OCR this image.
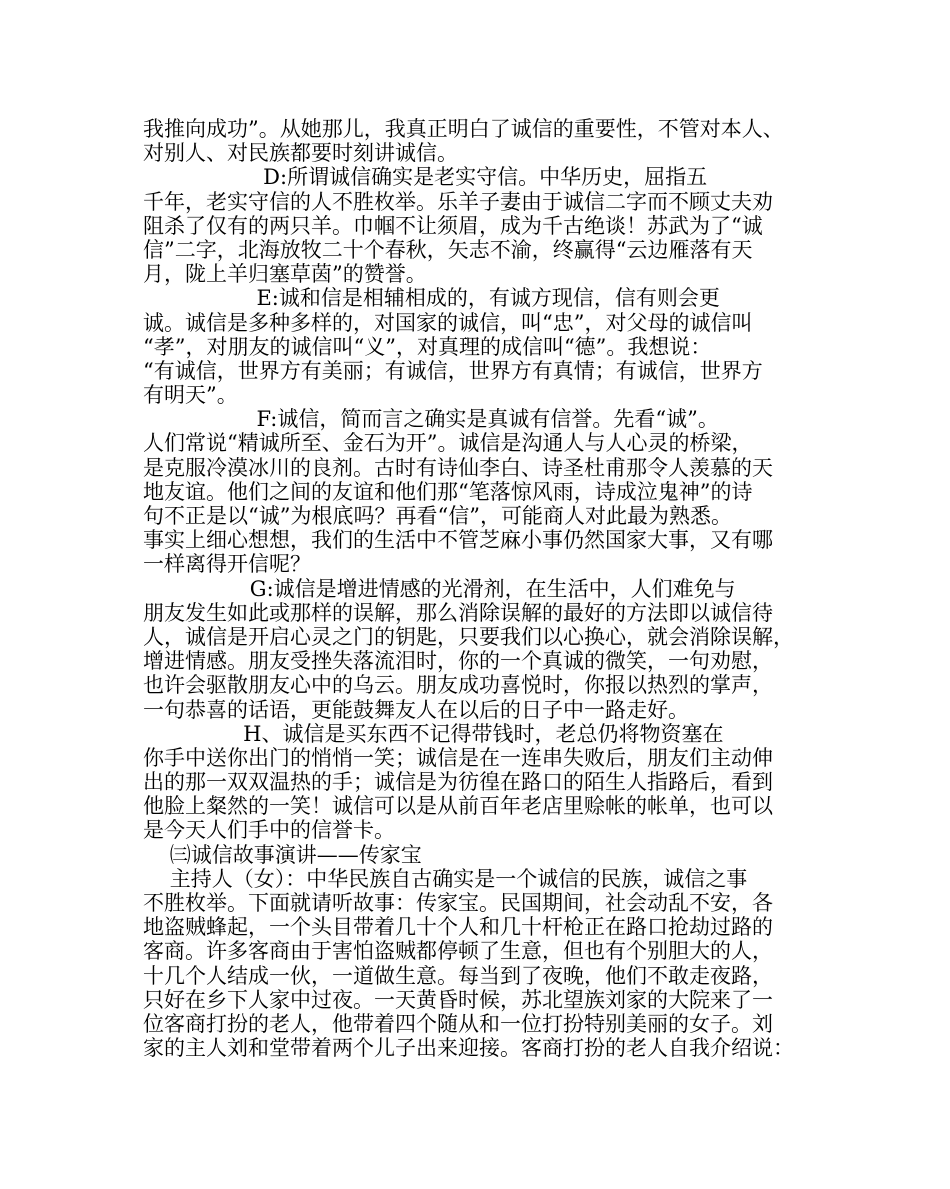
我推向成功”。从她那儿，我真正明白了诚信的重要性，不管对本人、
对别人、对民族都要时刻讲诚信。
D:所谓诚信确实是老实守信。中华历史，屈指五
千年，老实守信的人不胜枚举。乐羊子妻由于诚信二字而不顾丈夫劝
阻杀了仅有的两只羊。巾帼不让须眉，成为千古绝谈！苏武为了“诚
信”二字，北海放牧二十个春秋，矢志不渝，终赢得“云边雁落有天
月，陇上羊归塞草茵”的赞誉。
E:诚和信是相辅相成的，有诚方现信，信有则会更
诚。诚信是多种多样的，对国家的诚信，叫“忠”，对父母的诚信叫
“孝”，对朋友的诚信叫“义”，对真理的成信叫“德”。我想说：
“有诚信，世界方有美丽；有诚信，世界方有真情；有诚信，世界方
有明天”。
F:诚信，简而言之确实是真诚有信誉。先看“诚”。
人们常说“精诚所至、金石为开”。诚信是沟通人与人心灵的桥梁，
是克服冷漠冰川的良剂。古时有诗仙李白、诗圣杜甫那令人羡慕的天
地友谊。他们之间的友谊和他们那“笔落惊风雨，诗成泣鬼神”的诗
句不正是以“诚”为根底吗？再看“信”，可能商人对此最为熟悉。
事实上细心想想，我们的生活中不管芝麻小事仍然国家大事，又有哪
一样离得开信呢？
G:诚信是增进情感的光滑剂，在生活中，人们难免与
朋友发生如此或那样的误解，那么消除误解的最好的方法即以诚信待
人，诚信是开启心灵之门的钥匙，只要我们以心换心，就会消除误解，
增进情感。朋友受挫失落流泪时，你的一个真诚的微笑，一句劝慰，
也许会驱散朋友心中的乌云。朋友成功喜悦时，你报以热烈的掌声，
一句恭喜的话语，更能鼓舞友人在以后的日子中一路走好。
H、诚信是买东西不记得带钱时，老总仍将物资塞在
你手中送你出门的悄悄一笑；诚信是在一连串失败后，朋友们主动伸
出的那一双双温热的手；诚信是为彷徨在路口的陌生人指路后，看到
他脸上粲然的一笑！诚信可以是从前百年老店里赊帐的帐单，也可以
是今天人们手中的信誉卡。
㈢诚信故事演讲——传家宝
主持人（女）：中华民族自古确实是一个诚信的民族，诚信之事
不胜枚举。下面就请听故事：传家宝。民国期间，社会动乱不安，各
地盗贼蜂起，一个头目带着几十个人和几十杆枪正在路口抢劫过路的
客商。许多客商由于害怕盗贼都停顿了生意，但也有个别胆大的人，
十几个人结成一伙，一道做生意。每当到了夜晚，他们不敢走夜路，
只好在乡下人家中过夜。一天黄昏时候，苏北望族刘家的大院来了一
位客商打扮的老人，他带着四个随从和一位打扮特别美丽的女子。刘
家的主人刘和堂带着两个儿子出来迎接。客商打扮的老人自我介绍说：
